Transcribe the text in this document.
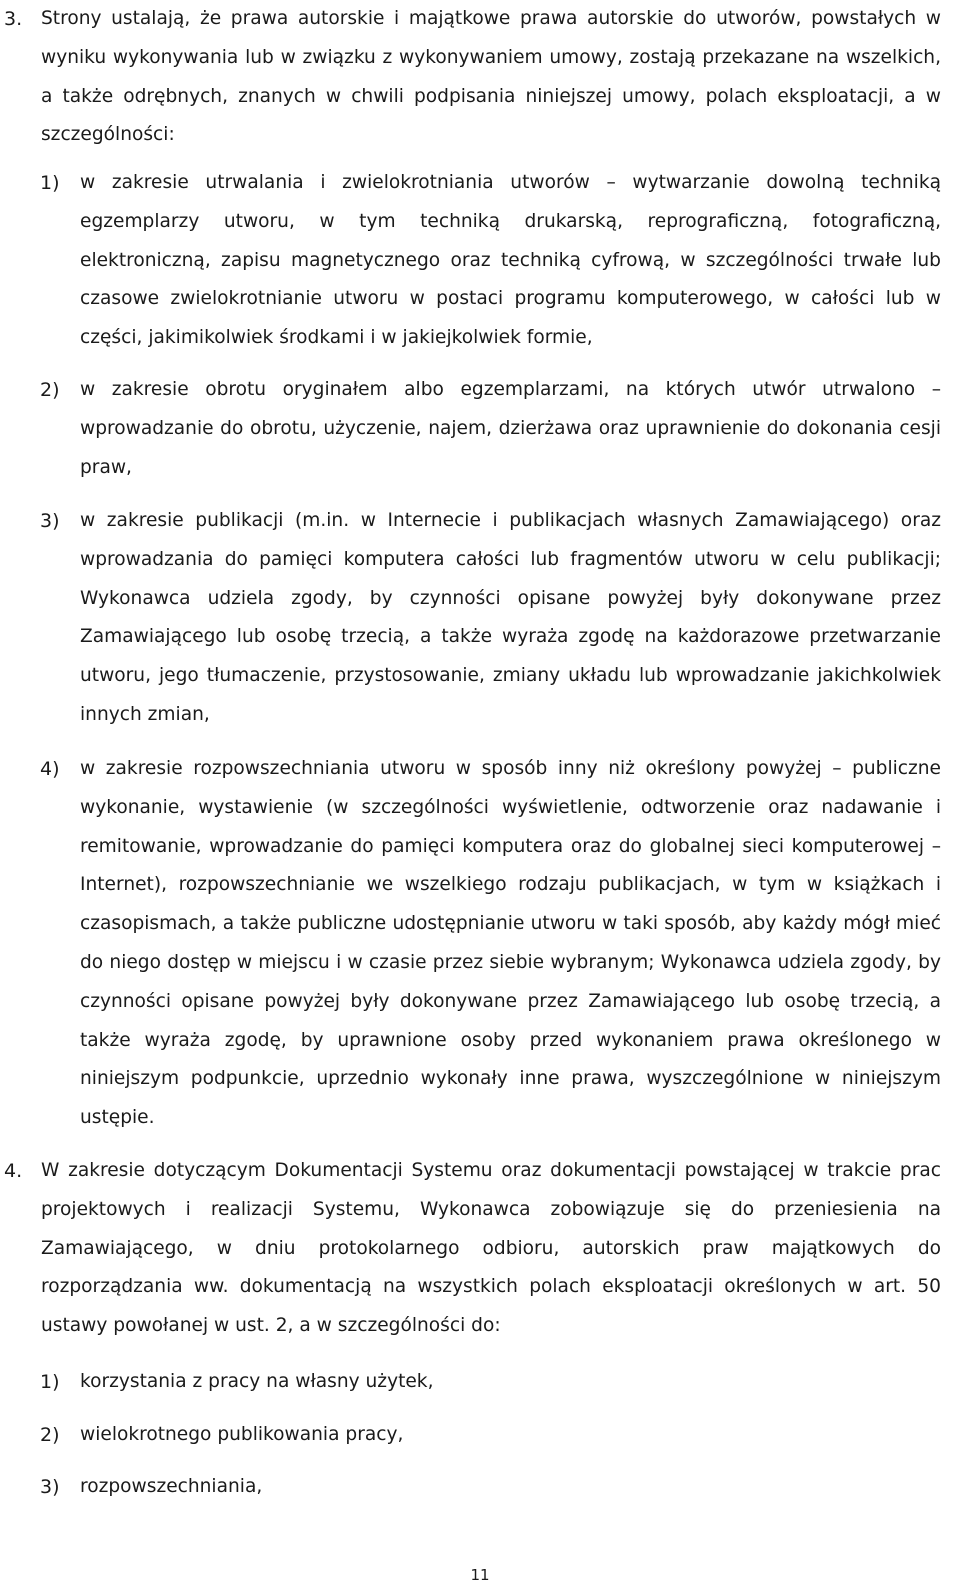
3. Strony ustalają, że prawa autorskie i majątkowe prawa autorskie do utworów, powstałych w wyniku wykonywania lub w związku z wykonywaniem umowy, zostają przekazane na wszelkich, a także odrębnych, znanych w chwili podpisania niniejszej umowy, polach eksploatacji, a w szczególności:

1) w zakresie utrwalania i zwielokrotniania utworów – wytwarzanie dowolną techniką egzemplarzy utworu, w tym techniką drukarską, reprograficzną, fotograficzną, elektroniczną, zapisu magnetycznego oraz techniką cyfrową, w szczególności trwałe lub czasowe zwielokrotnianie utworu w postaci programu komputerowego, w całości lub w części, jakimikolwiek środkami i w jakiejkolwiek formie,

2) w zakresie obrotu oryginałem albo egzemplarzami, na których utwór utrwalono – wprowadzanie do obrotu, użyczenie, najem, dzierżawa oraz uprawnienie do dokonania cesji praw,

3) w zakresie publikacji (m.in. w Internecie i publikacjach własnych Zamawiającego) oraz wprowadzania do pamięci komputera całości lub fragmentów utworu w celu publikacji; Wykonawca udziela zgody, by czynności opisane powyżej były dokonywane przez Zamawiającego lub osobę trzecią, a także wyraża zgodę na każdorazowe przetwarzanie utworu, jego tłumaczenie, przystosowanie, zmiany układu lub wprowadzanie jakichkolwiek innych zmian,

4) w zakresie rozpowszechniania utworu w sposób inny niż określony powyżej – publiczne wykonanie, wystawienie (w szczególności wyświetlenie, odtworzenie oraz nadawanie i remitowanie, wprowadzanie do pamięci komputera oraz do globalnej sieci komputerowej – Internet), rozpowszechnianie we wszelkiego rodzaju publikacjach, w tym w książkach i czasopismach, a także publiczne udostępnianie utworu w taki sposób, aby każdy mógł mieć do niego dostęp w miejscu i w czasie przez siebie wybranym; Wykonawca udziela zgody, by czynności opisane powyżej były dokonywane przez Zamawiającego lub osobę trzecią, a także wyraża zgodę, by uprawnione osoby przed wykonaniem prawa określonego w niniejszym podpunkcie, uprzednio wykonały inne prawa, wyszczególnione w niniejszym ustępie.

4. W zakresie dotyczącym Dokumentacji Systemu oraz dokumentacji powstającej w trakcie prac projektowych i realizacji Systemu, Wykonawca zobowiązuje się do przeniesienia na Zamawiającego, w dniu protokolarnego odbioru, autorskich praw majątkowych do rozporządzania ww. dokumentacją na wszystkich polach eksploatacji określonych w art. 50 ustawy powołanej w ust. 2, a w szczególności do:

1) korzystania z pracy na własny użytek,

2) wielokrotnego publikowania pracy,

3) rozpowszechniania,

11
